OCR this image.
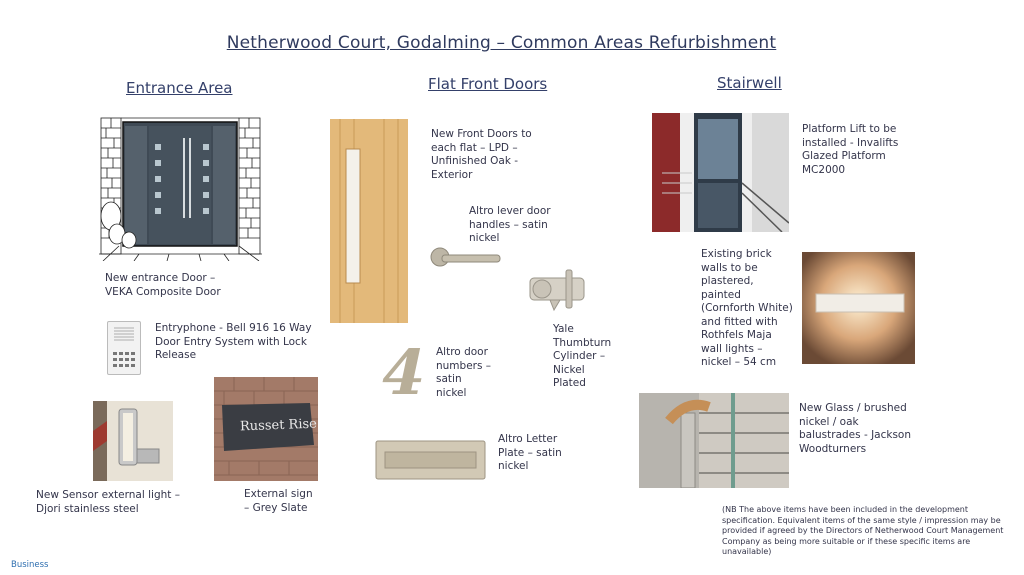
Netherwood Court, Godalming – Common Areas Refurbishment
Entrance Area	Flat Front Doors	Stairwell
New entrance Door –
VEKA Composite Door
Entryphone - Bell 916 16 Way
Door Entry System with Lock
Release
New Sensor external light –
Djori stainless steel
Russet Rise
External sign
– Grey Slate
New Front Doors to
each flat – LPD –
Unfinished Oak -
Exterior
Altro lever door
handles – satin
nickel
Yale
Thumbturn
Cylinder –
Nickel
Plated
4 Altro door
numbers –
satin
nickel
Altro Letter
Plate – satin
nickel
Platform Lift to be
installed - Invalifts
Glazed Platform
MC2000
Existing brick
walls to be
plastered,
painted
(Cornforth White)
and fitted with
Rothfels Maja
wall lights –
nickel – 54 cm
New Glass / brushed
nickel / oak
balustrades - Jackson
Woodturners
(NB The above items have been included in the development
specification. Equivalent items of the same style / impression may be
provided if agreed by the Directors of Netherwood Court Management
Company as being more suitable or if these specific items are
unavailable)
Business
